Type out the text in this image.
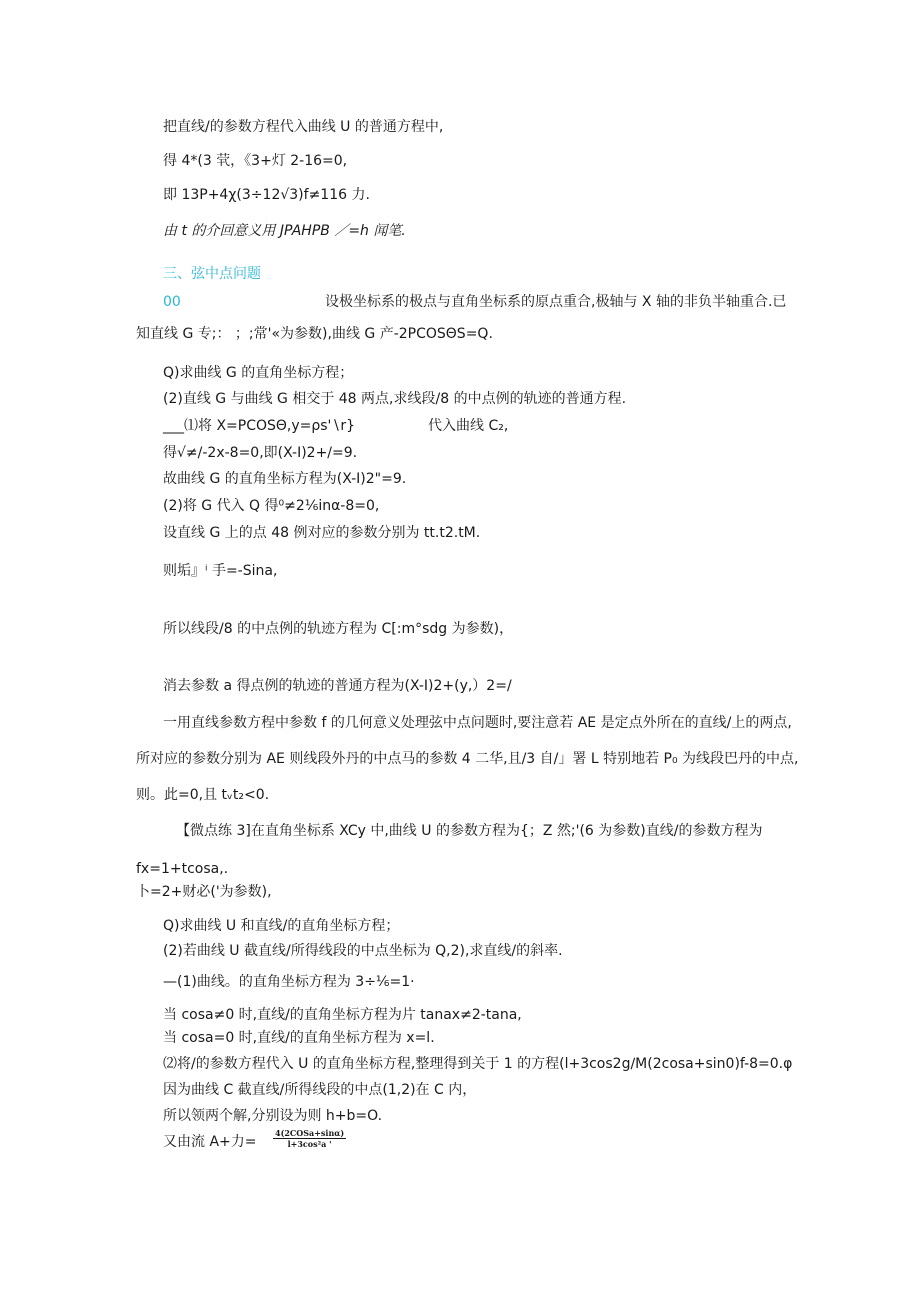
把直线/的参数方程代入曲线 U 的普通方程中,
得 4*(3 茕，《3+灯 2-16=0,
即 13P+4χ(3÷12√3)f≠116 力.
由 t 的介回意义用 JPAHPB ／=h 闻笔.
三、弦中点问题
00	设极坐标系的极点与直角坐标系的原点重合,极轴与 X 轴的非负半轴重合.已
知直线 G 专;： ；;常'«为参数),曲线 G 产-2PCOSΘS=Q.
Q)求曲线 G 的直角坐标方程；
(2)直线 G 与曲线 G 相交于 48 两点,求线段/8 的中点例的轨迹的普通方程.
___⑴将 X=PCOSΘ,y=ρs'∖r}	代入曲线 C₂,
得√≠/-2x-8=0,即(X-I)2+/=9.
故曲线 G 的直角坐标方程为(X-I)2"=9.
(2)将 G 代入 Q 得⁰≠2⅙inα-8=0,
设直线 G 上的点 48 例对应的参数分别为 tt.t2.tM.
则垢』ⁱ 手=-Sina,
所以线段/8 的中点例的轨迹方程为 C[:m°sdg 为参数)，
消去参数 a 得点例的轨迹的普通方程为(X-I)2+(y,）2=/
一用直线参数方程中参数 f 的几何意义处理弦中点问题时,要注意若 AE 是定点外所在的直线/上的两点,
所对应的参数分别为 AE 则线段外丹的中点马的参数 4 二华,且/3 自/」署 L 特别地若 P₀ 为线段巴丹的中点,
则。此=0,且 tᵥt₂<0.
【微点练 3]在直角坐标系 XCy 中,曲线 U 的参数方程为{；Z 然;'(6 为参数)直线/的参数方程为
fx=1+tcosa,.
卜=2+财必('为参数),
Q)求曲线 U 和直线/的直角坐标方程；
(2)若曲线 U 截直线/所得线段的中点坐标为 Q,2),求直线/的斜率.
—(1)曲线。的直角坐标方程为 3÷⅙=1·
当 cosa≠0 时,直线/的直角坐标方程为片 tanax≠2-tana,
当 cosa=0 时,直线/的直角坐标方程为 x=l.
⑵将/的参数方程代入 U 的直角坐标方程,整理得到关于 1 的方程(l+3cos2g∕M(2cosa+sin0)f-8=0.φ
因为曲线 C 截直线/所得线段的中点(1,2)在 C 内，
所以领两个解,分别设为则 h+b=O.
又由流 A+力=
4(2COSa+sinα)
l+3cos²a '
